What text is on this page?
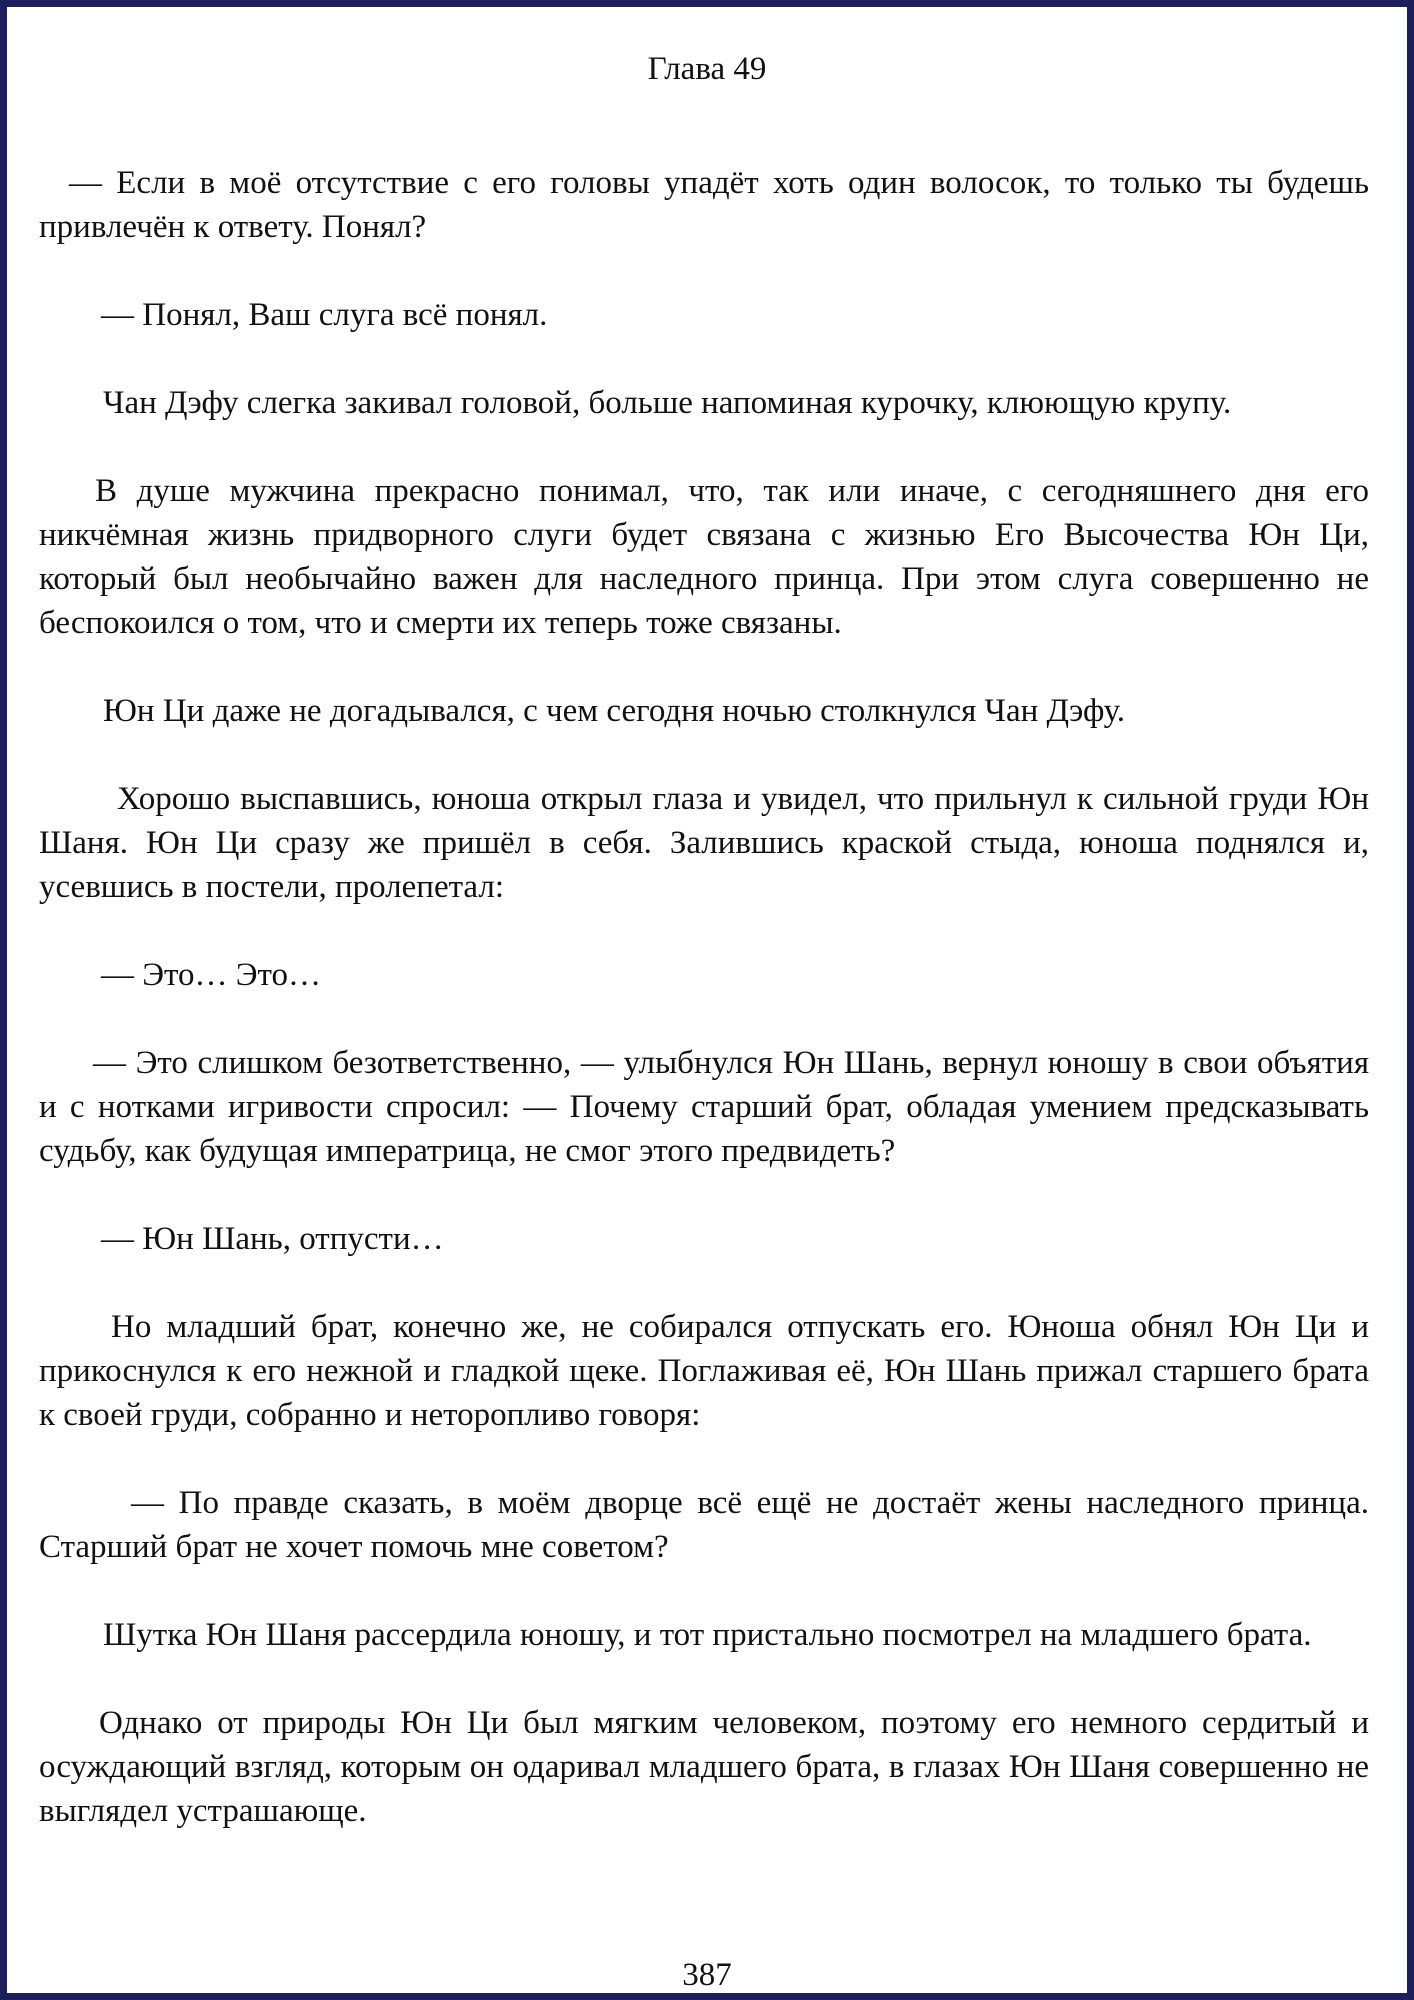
Глава 49

— Если в моё отсутствие с его головы упадёт хоть один волосок, то только ты будешь привлечён к ответу. Понял?

— Понял, Ваш слуга всё понял.

Чан Дэфу слегка закивал головой, больше напоминая курочку, клюющую крупу.

В душе мужчина прекрасно понимал, что, так или иначе, с сегодняшнего дня его никчёмная жизнь придворного слуги будет связана с жизнью Его Высочества Юн Ци, который был необычайно важен для наследного принца. При этом слуга совершенно не беспокоился о том, что и смерти их теперь тоже связаны.

Юн Ци даже не догадывался, с чем сегодня ночью столкнулся Чан Дэфу.

Хорошо выспавшись, юноша открыл глаза и увидел, что прильнул к сильной груди Юн Шаня. Юн Ци сразу же пришёл в себя. Залившись краской стыда, юноша поднялся и, усевшись в постели, пролепетал:

— Это… Это…

— Это слишком безответственно, — улыбнулся Юн Шань, вернул юношу в свои объятия и с нотками игривости спросил: — Почему старший брат, обладая умением предсказывать судьбу, как будущая императрица, не смог этого предвидеть?

— Юн Шань, отпусти…

Но младший брат, конечно же, не собирался отпускать его. Юноша обнял Юн Ци и прикоснулся к его нежной и гладкой щеке. Поглаживая её, Юн Шань прижал старшего брата к своей груди, собранно и неторопливо говоря:

— По правде сказать, в моём дворце всё ещё не достаёт жены наследного принца. Старший брат не хочет помочь мне советом?

Шутка Юн Шаня рассердила юношу, и тот пристально посмотрел на младшего брата.

Однако от природы Юн Ци был мягким человеком, поэтому его немного сердитый и осуждающий взгляд, которым он одаривал младшего брата, в глазах Юн Шаня совершенно не выглядел устрашающе.

387
